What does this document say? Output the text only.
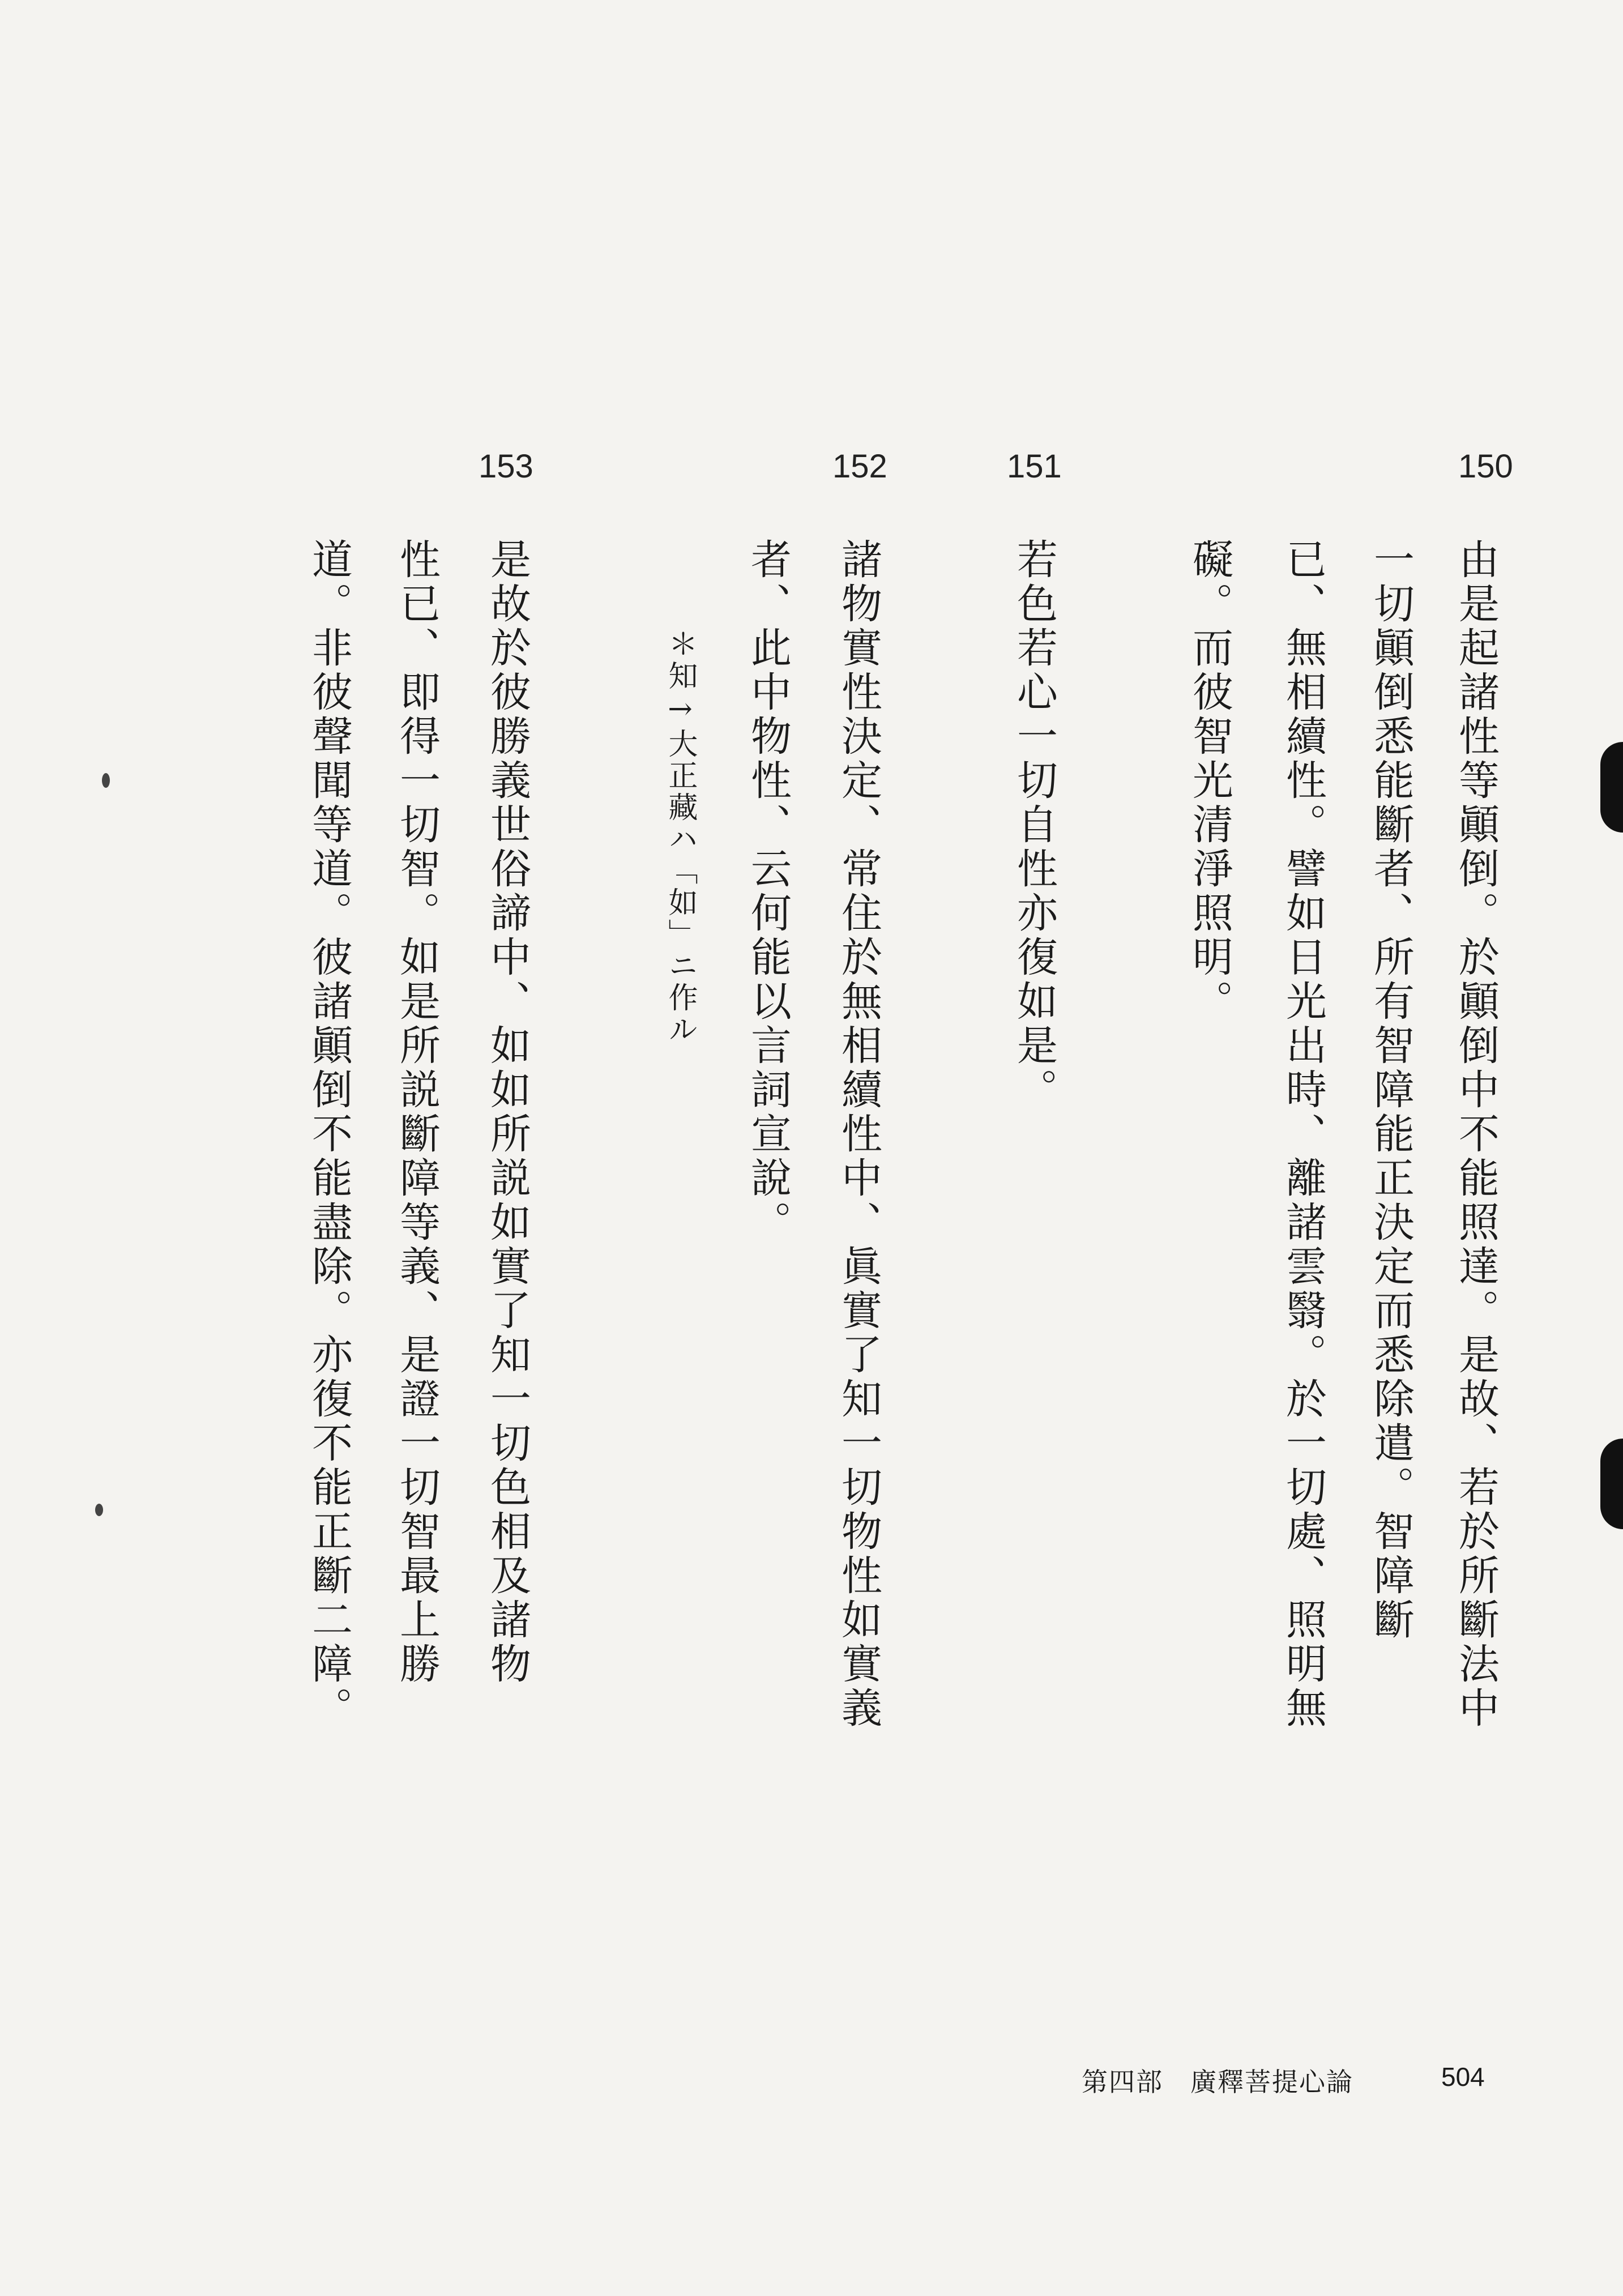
150
151
152
153
由是起諸性等顚倒。於顚倒中不能照達。是故、若於所斷法中
一切顚倒悉能斷者、所有智障能正決定而悉除遣。智障斷
已、無相續性。譬如日光出時、離諸雲翳。於一切處、照明無
礙。而彼智光清淨照明。
若色若心一切自性亦復如是。
諸物實性決定、常住於無相續性中、眞實了知一切物性如實義
者、此中物性、云何能以言詞宣說。
＊知→大正藏ハ「如」ニ作ル
是故於彼勝義世俗諦中、如如所説如實了知一切色相及諸物
性已、即得一切智。如是所説斷障等義、是證一切智最上勝
道。非彼聲聞等道。彼諸顚倒不能盡除。亦復不能正斷二障。
第四部　廣釋菩提心論	504
